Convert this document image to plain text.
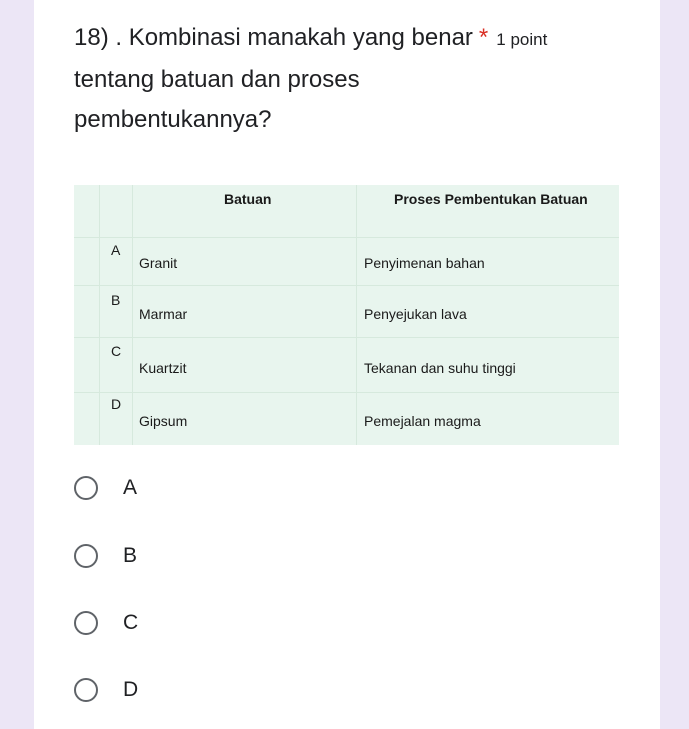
18) . Kombinasi manakah yang benar * 1 point
tentang batuan dan proses
pembentukannya?
Batuan	Proses Pembentukan Batuan
A
Granit	Penyimenan bahan
B
Marmar	Penyejukan lava
C
Kuartzit	Tekanan dan suhu tinggi
D
Gipsum	Pemejalan magma
A
B
C
D
